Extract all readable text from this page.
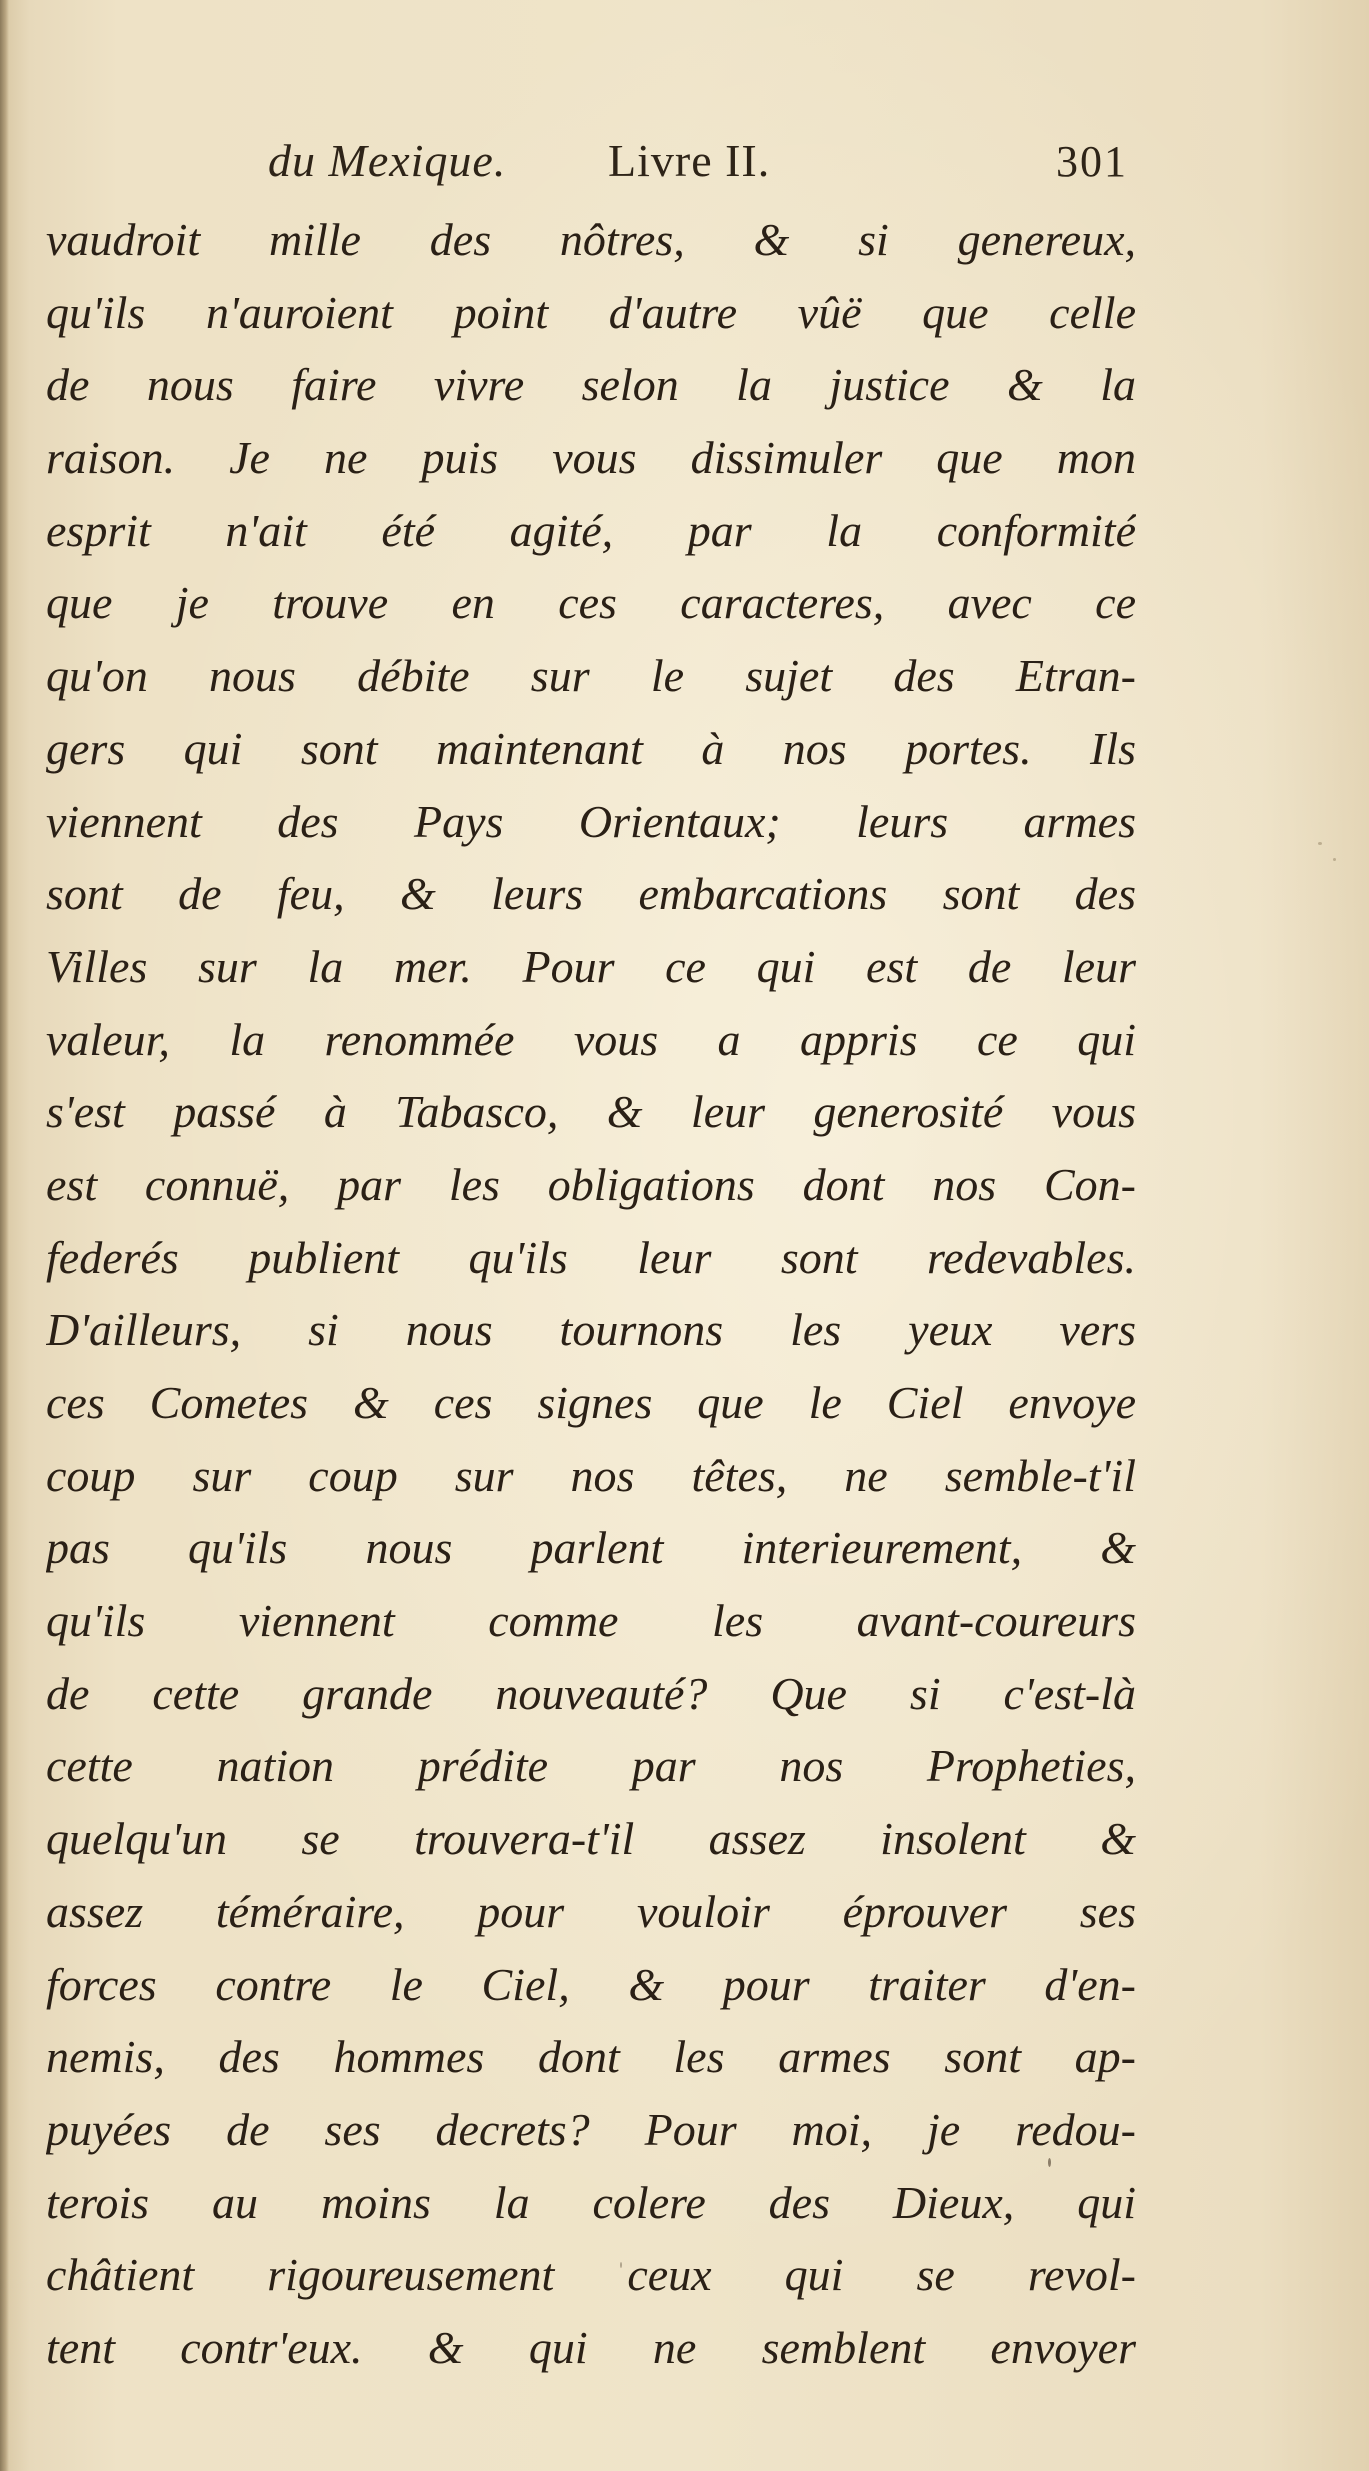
du Mexique. Livre II.	301
vaudroit mille des nôtres, & si genereux,
qu'ils n'auroient point d'autre vûë que celle
de nous faire vivre selon la justice & la
raison. Je ne puis vous dissimuler que mon
esprit n'ait été agité, par la conformité
que je trouve en ces caracteres, avec ce
qu'on nous débite sur le sujet des Etran-
gers qui sont maintenant à nos portes. Ils
viennent des Pays Orientaux; leurs armes
sont de feu, & leurs embarcations sont des
Villes sur la mer. Pour ce qui est de leur
valeur, la renommée vous a appris ce qui
s'est passé à Tabasco, & leur generosité vous
est connuë, par les obligations dont nos Con-
federés publient qu'ils leur sont redevables.
D'ailleurs, si nous tournons les yeux vers
ces Cometes & ces signes que le Ciel envoye
coup sur coup sur nos têtes, ne semble-t'il
pas qu'ils nous parlent interieurement, &
qu'ils viennent comme les avant-coureurs
de cette grande nouveauté? Que si c'est-là
cette nation prédite par nos Propheties,
quelqu'un se trouvera-t'il assez insolent &
assez téméraire, pour vouloir éprouver ses
forces contre le Ciel, & pour traiter d'en-
nemis, des hommes dont les armes sont ap-
puyées de ses decrets? Pour moi, je redou-
terois au moins la colere des Dieux, qui
châtient rigoureusement ceux qui se revol-
tent contr'eux. & qui ne semblent envoyer
